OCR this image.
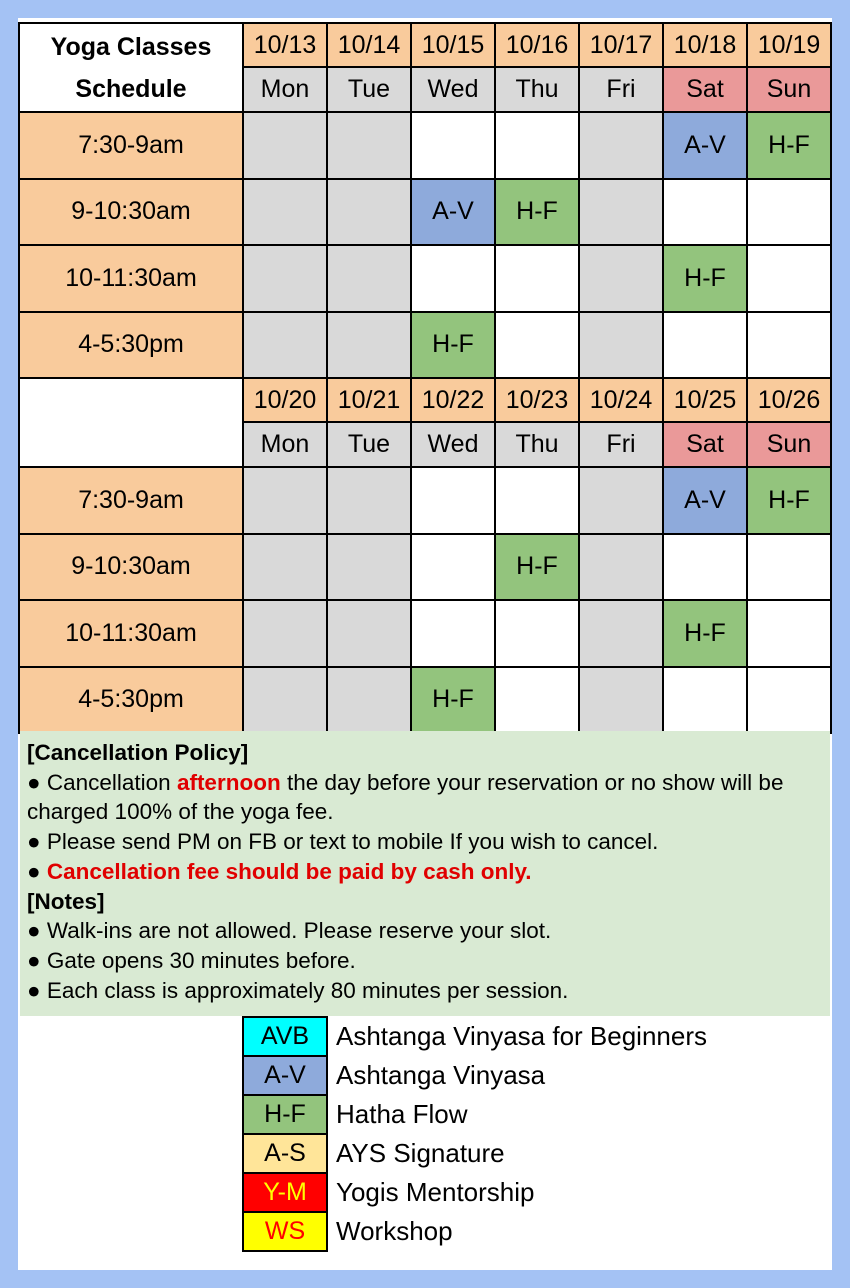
Yoga Classes
Schedule	10/13	10/14	10/15	10/16	10/17	10/18	10/19
	Mon	Tue	Wed	Thu	Fri	Sat	Sun
7:30-9am						A-V	H-F
9-10:30am			A-V	H-F			
10-11:30am						H-F	
4-5:30pm			H-F				
	10/20	10/21	10/22	10/23	10/24	10/25	10/26
	Mon	Tue	Wed	Thu	Fri	Sat	Sun
7:30-9am						A-V	H-F
9-10:30am				H-F			
10-11:30am						H-F	
4-5:30pm			H-F				
[Cancellation Policy]
● Cancellation afternoon the day before your reservation or no show will be charged 100% of the yoga fee.
● Please send PM on FB or text to mobile If you wish to cancel.
● Cancellation fee should be paid by cash only.
[Notes]
● Walk-ins are not allowed. Please reserve your slot.
● Gate opens 30 minutes before.
● Each class is approximately 80 minutes per session.
AVB	Ashtanga Vinyasa for Beginners
A-V	Ashtanga Vinyasa
H-F	Hatha Flow
A-S	AYS Signature
Y-M	Yogis Mentorship
WS	Workshop
